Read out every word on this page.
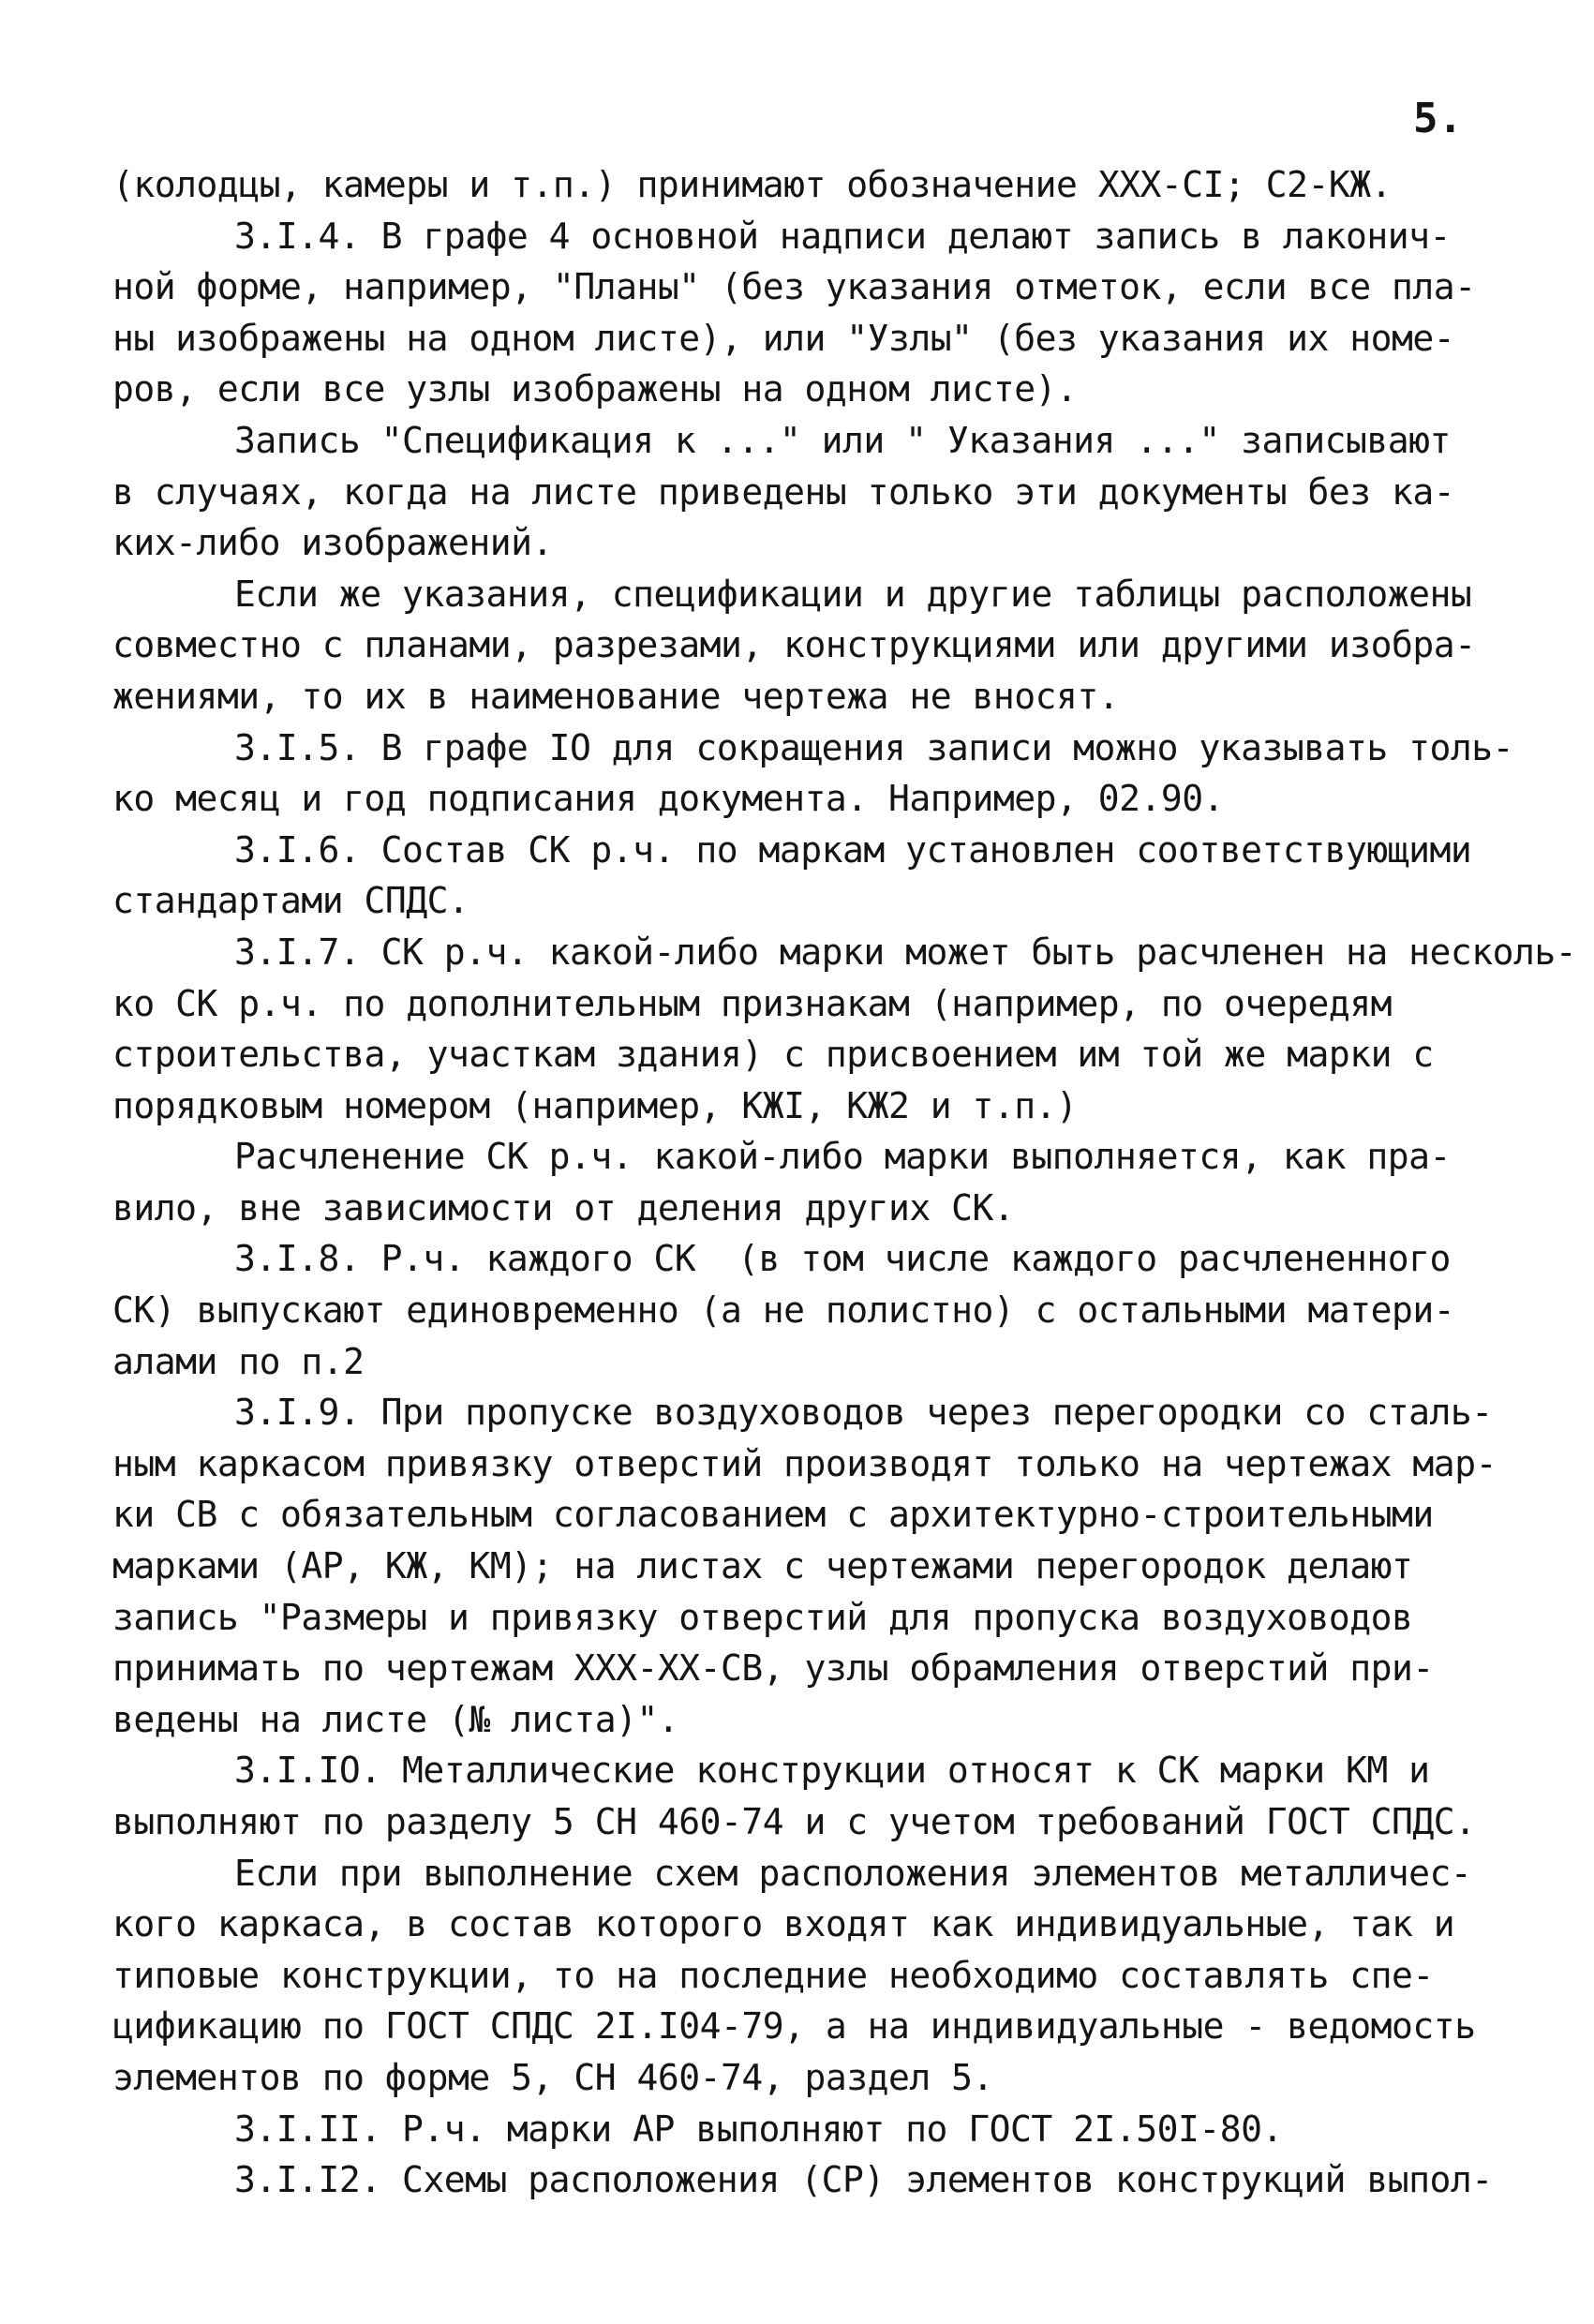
5.
(колодцы, камеры и т.п.) принимают обозначение XXX-CI; C2-KЖ.
3.I.4. В графе 4 основной надписи делают запись в лаконич-
ной форме, например, "Планы" (без указания отметок, если все пла-
ны изображены на одном листе), или "Узлы" (без указания их номе-
ров, если все узлы изображены на одном листе).
Запись "Спецификация к ..." или " Указания ..." записывают
в случаях, когда на листе приведены только эти документы без ка-
ких-либо изображений.
Если же указания, спецификации и другие таблицы расположены
совместно с планами, разрезами, конструкциями или другими изобра-
жениями, то их в наименование чертежа не вносят.
3.I.5. В графе IO для сокращения записи можно указывать толь-
ко месяц и год подписания документа. Например, 02.90.
3.I.6. Состав СК р.ч. по маркам установлен соответствующими
стандартами СПДС.
3.I.7. СК р.ч. какой-либо марки может быть расчленен на несколь-
ко СК р.ч. по дополнительным признакам (например, по очередям
строительства, участкам здания) с присвоением им той же марки с
порядковым номером (например, КЖI, КЖ2 и т.п.)
Расчленение СК р.ч. какой-либо марки выполняется, как пра-
вило, вне зависимости от деления других СК.
3.I.8. Р.ч. каждого СК  (в том числе каждого расчлененного
СК) выпускают единовременно (а не полистно) с остальными матери-
алами по п.2
3.I.9. При пропуске воздуховодов через перегородки со сталь-
ным каркасом привязку отверстий производят только на чертежах мар-
ки СВ с обязательным согласованием с архитектурно-строительными
марками (АР, КЖ, КМ); на листах с чертежами перегородок делают
запись "Размеры и привязку отверстий для пропуска воздуховодов
принимать по чертежам XXX-XX-CB, узлы обрамления отверстий при-
ведены на листе (№ листа)".
3.I.IO. Металлические конструкции относят к СК марки КМ и
выполняют по разделу 5 СН 460-74 и с учетом требований ГОСТ СПДС.
Если при выполнение схем расположения элементов металличес-
кого каркаса, в состав которого входят как индивидуальные, так и
типовые конструкции, то на последние необходимо составлять спе-
цификацию по ГОСТ СПДС 2I.I04-79, а на индивидуальные - ведомость
элементов по форме 5, СН 460-74, раздел 5.
3.I.II. Р.ч. марки АР выполняют по ГОСТ 2I.50I-80.
3.I.I2. Схемы расположения (СР) элементов конструкций выпол-
